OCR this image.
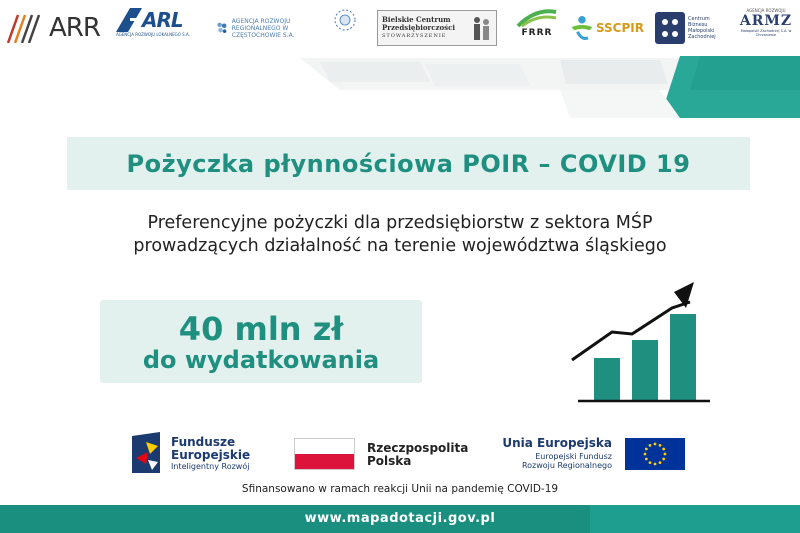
ARR ARL
AGENCJA ROZWOJU LOKALNEGO S.A.
AGENCJA ROZWOJU REGIONALNEGO W CZĘSTOCHOWIE S.A.
Bielskie Centrum
Przedsiębiorczości
STOWARZYSZENIE	FRRR	SSCPIR
Centrum
Biznesu
Małopolski
Zachodniej
AGENCJA ROZWOJU
ARMZ
Małopolski Zachodniej S.A. w Chrzanowie
Pożyczka płynnościowa POIR – COVID 19
Preferencyjne pożyczki dla przedsiębiorstw z sektora MŚP
prowadzących działalność na terenie województwa śląskiego
40 mln zł
do wydatkowania
Fundusze
Europejskie
Inteligentny Rozwój
Rzeczpospolita
Polska
Unia Europejska
Europejski Fundusz
Rozwoju Regionalnego
Sfinansowano w ramach reakcji Unii na pandemię COVID-19
www.mapadotacji.gov.pl
